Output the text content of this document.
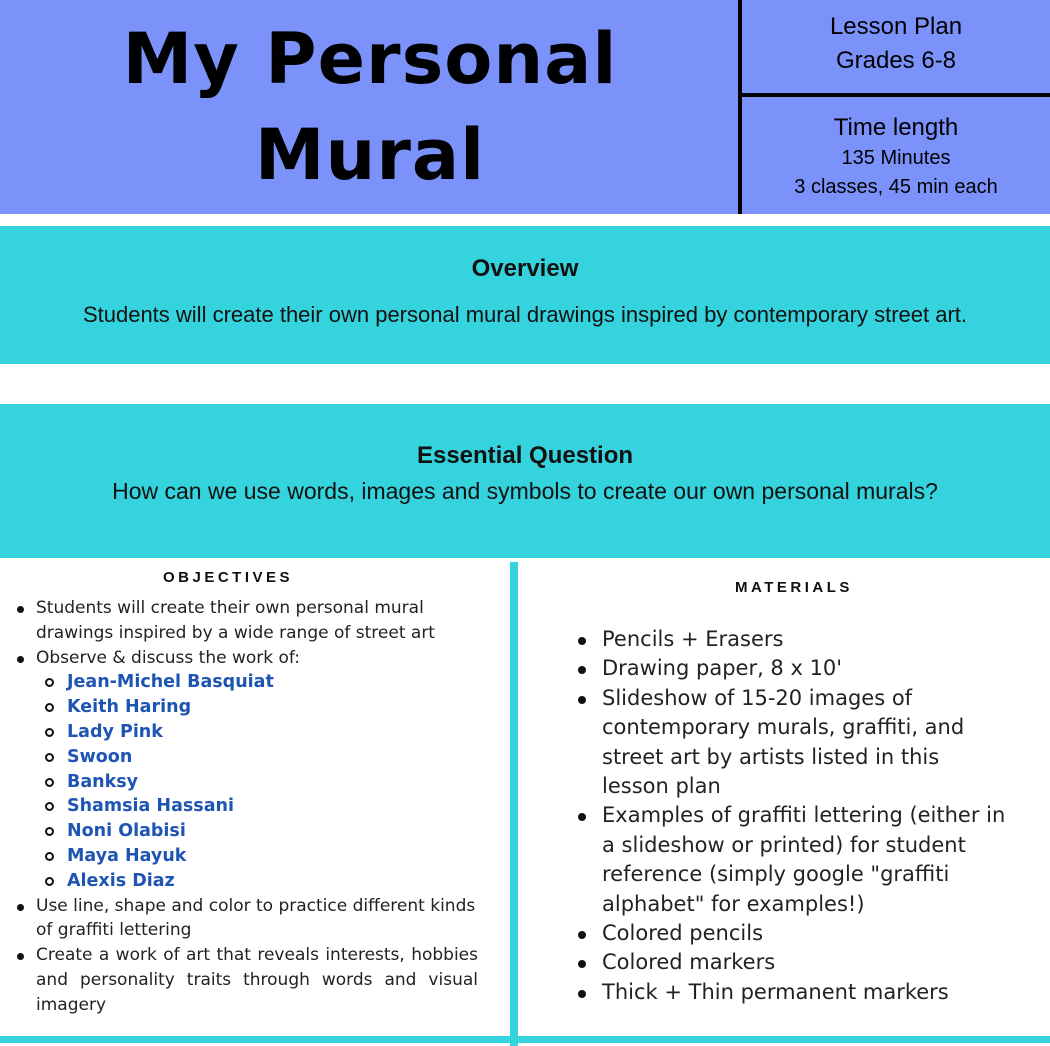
My Personal
Mural
Lesson Plan
Grades 6-8
Time length
135 Minutes
3 classes, 45 min each
Overview
Students will create their own personal mural drawings inspired by contemporary street art.
Essential Question
How can we use words, images and symbols to create our own personal murals?
OBJECTIVES
Students will create their own personal mural drawings inspired by a wide range of street art
Observe & discuss the work of:
Jean-Michel Basquiat
Keith Haring
Lady Pink
Swoon
Banksy
Shamsia Hassani
Noni Olabisi
Maya Hayuk
Alexis Diaz
Use line, shape and color to practice different kinds of graffiti lettering
Create a work of art that reveals interests, hobbies and personality traits through words and visual imagery
MATERIALS
Pencils + Erasers
Drawing paper, 8 x 10'
Slideshow of 15-20 images of contemporary murals, graffiti, and street art by artists listed in this lesson plan
Examples of graffiti lettering (either in a slideshow or printed) for student reference (simply google "graffiti alphabet" for examples!)
Colored pencils
Colored markers
Thick + Thin permanent markers
